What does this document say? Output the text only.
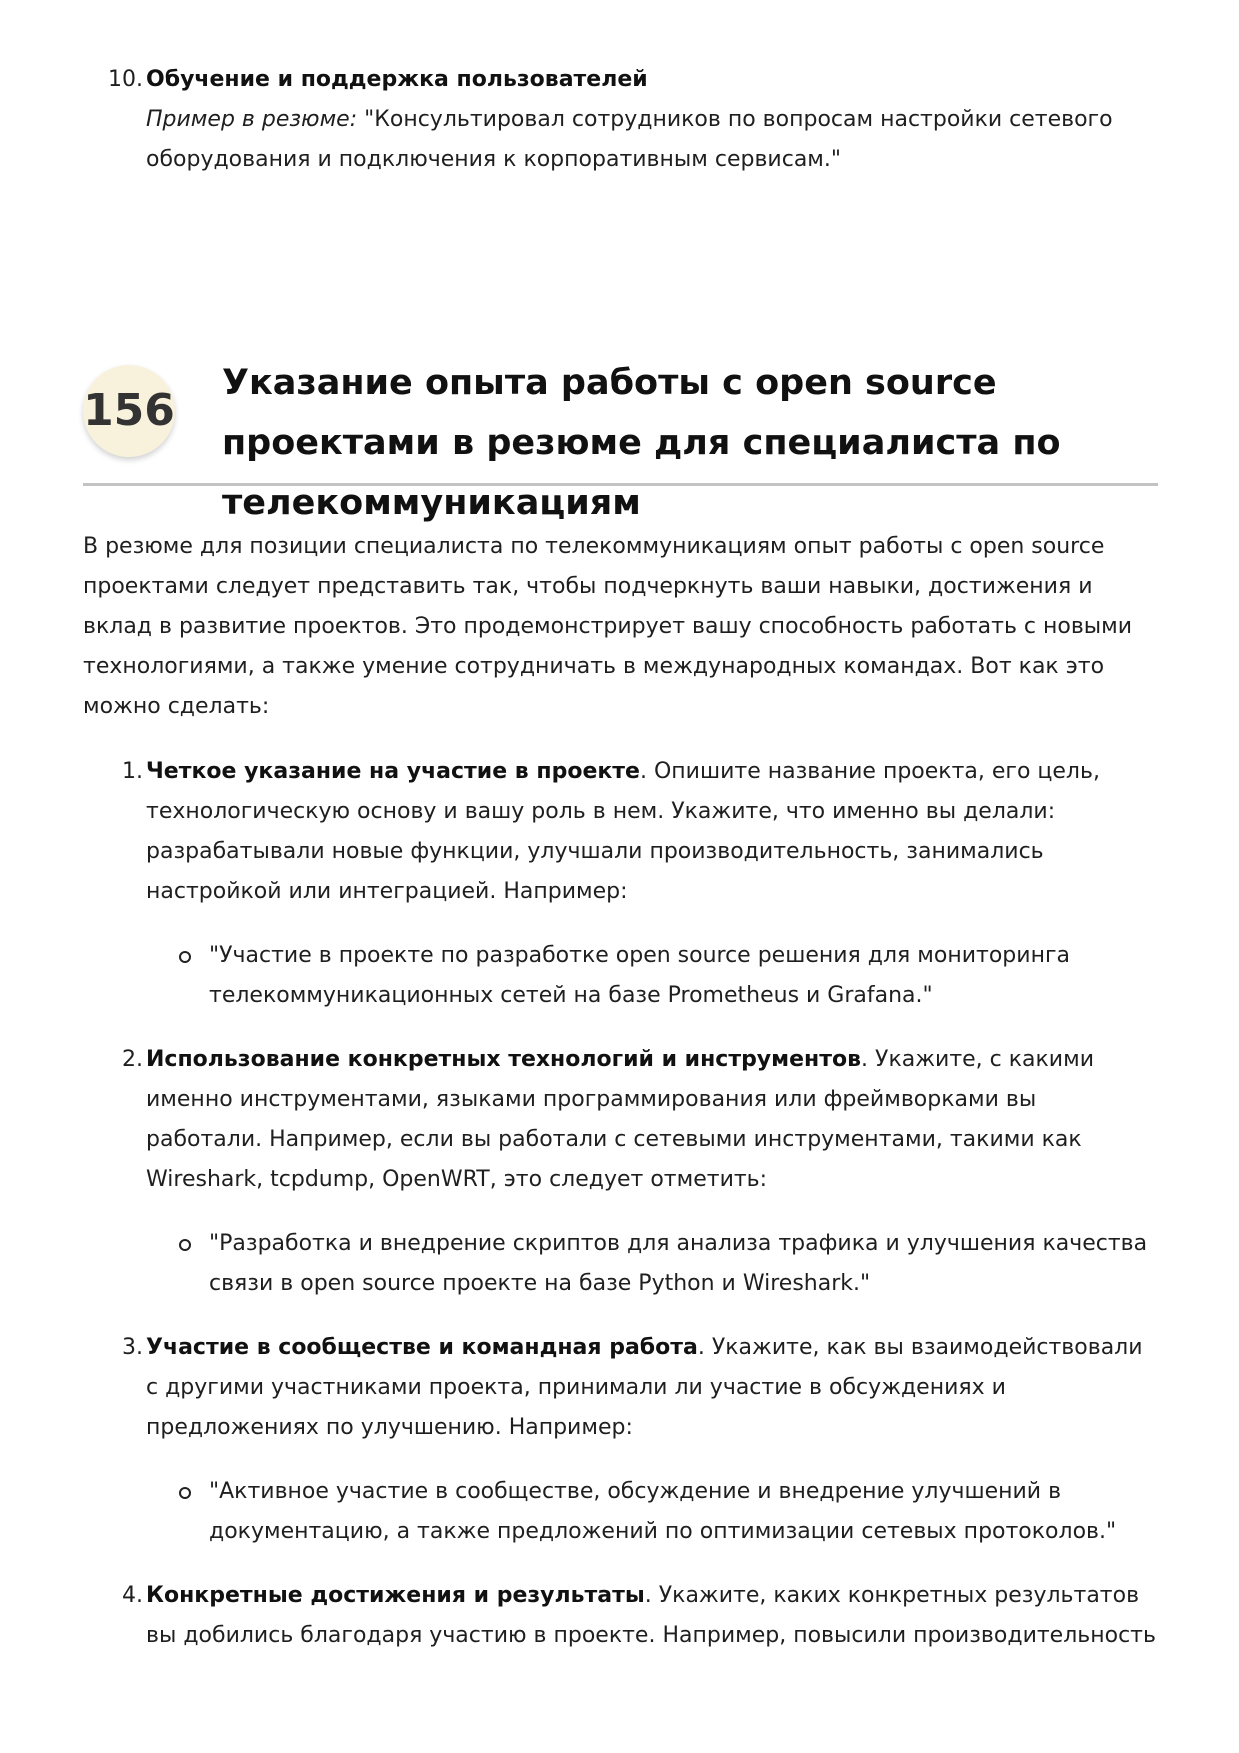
10. Обучение и поддержка пользователей
Пример в резюме: "Консультировал сотрудников по вопросам настройки сетевого оборудования и подключения к корпоративным сервисам."
156
Указание опыта работы с open source проектами в резюме для специалиста по телекоммуникациям
В резюме для позиции специалиста по телекоммуникациям опыт работы с open source проектами следует представить так, чтобы подчеркнуть ваши навыки, достижения и вклад в развитие проектов. Это продемонстрирует вашу способность работать с новыми технологиями, а также умение сотрудничать в международных командах. Вот как это можно сделать:
1. Четкое указание на участие в проекте. Опишите название проекта, его цель, технологическую основу и вашу роль в нем. Укажите, что именно вы делали: разрабатывали новые функции, улучшали производительность, занимались настройкой или интеграцией. Например:
"Участие в проекте по разработке open source решения для мониторинга телекоммуникационных сетей на базе Prometheus и Grafana."
2. Использование конкретных технологий и инструментов. Укажите, с какими именно инструментами, языками программирования или фреймворками вы работали. Например, если вы работали с сетевыми инструментами, такими как Wireshark, tcpdump, OpenWRT, это следует отметить:
"Разработка и внедрение скриптов для анализа трафика и улучшения качества связи в open source проекте на базе Python и Wireshark."
3. Участие в сообществе и командная работа. Укажите, как вы взаимодействовали с другими участниками проекта, принимали ли участие в обсуждениях и предложениях по улучшению. Например:
"Активное участие в сообществе, обсуждение и внедрение улучшений в документацию, а также предложений по оптимизации сетевых протоколов."
4. Конкретные достижения и результаты. Укажите, каких конкретных результатов вы добились благодаря участию в проекте. Например, повысили производительность
